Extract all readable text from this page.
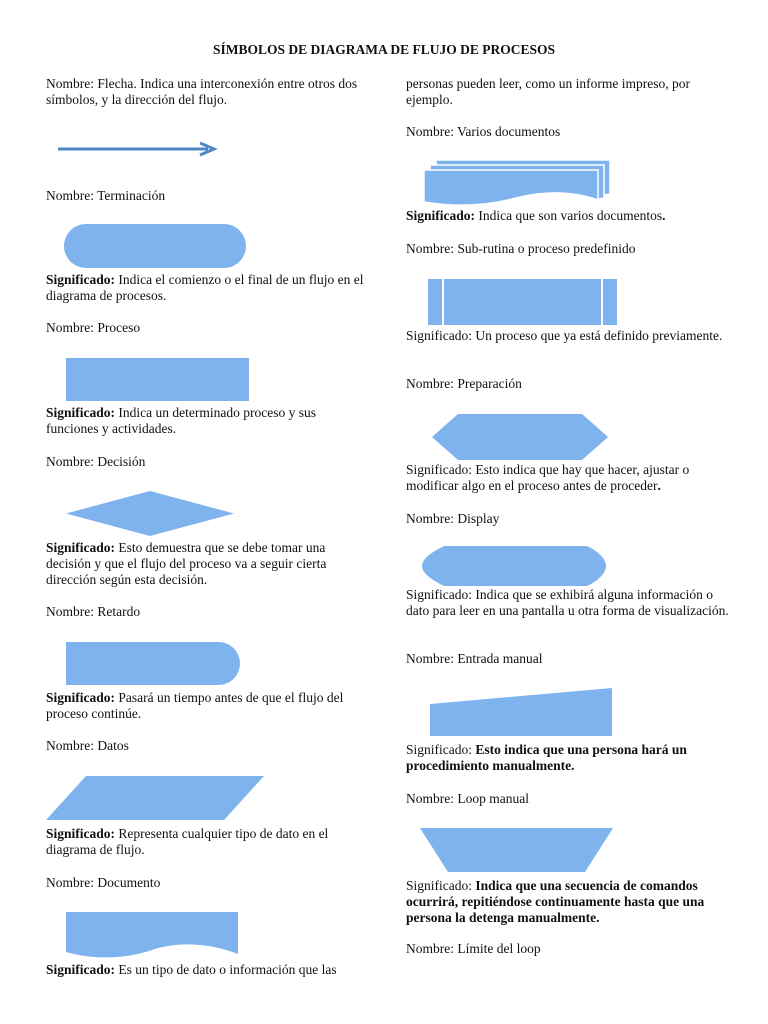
SÍMBOLOS DE DIAGRAMA DE FLUJO DE PROCESOS

Nombre: Flecha. Indica una interconexión entre otros dos símbolos, y la dirección del flujo.

Nombre: Terminación

Significado: Indica el comienzo o el final de un flujo en el diagrama de procesos.

Nombre: Proceso

Significado: Indica un determinado proceso y sus funciones y actividades.

Nombre: Decisión

Significado: Esto demuestra que se debe tomar una decisión y que el flujo del proceso va a seguir cierta dirección según esta decisión.

Nombre: Retardo

Significado: Pasará un tiempo antes de que el flujo del proceso continúe.

Nombre: Datos

Significado: Representa cualquier tipo de dato en el diagrama de flujo.

Nombre: Documento

Significado: Es un tipo de dato o información que las

personas pueden leer, como un informe impreso, por ejemplo.

Nombre: Varios documentos

Significado: Indica que son varios documentos.

Nombre: Sub-rutina o proceso predefinido

Significado: Un proceso que ya está definido previamente.

Nombre: Preparación

Significado: Esto indica que hay que hacer, ajustar o modificar algo en el proceso antes de proceder.

Nombre: Display

Significado: Indica que se exhibirá alguna información o dato para leer en una pantalla u otra forma de visualización.

Nombre: Entrada manual

Significado: Esto indica que una persona hará un procedimiento manualmente.

Nombre: Loop manual

Significado: Indica que una secuencia de comandos ocurrirá, repitiéndose continuamente hasta que una persona la detenga manualmente.

Nombre: Límite del loop
